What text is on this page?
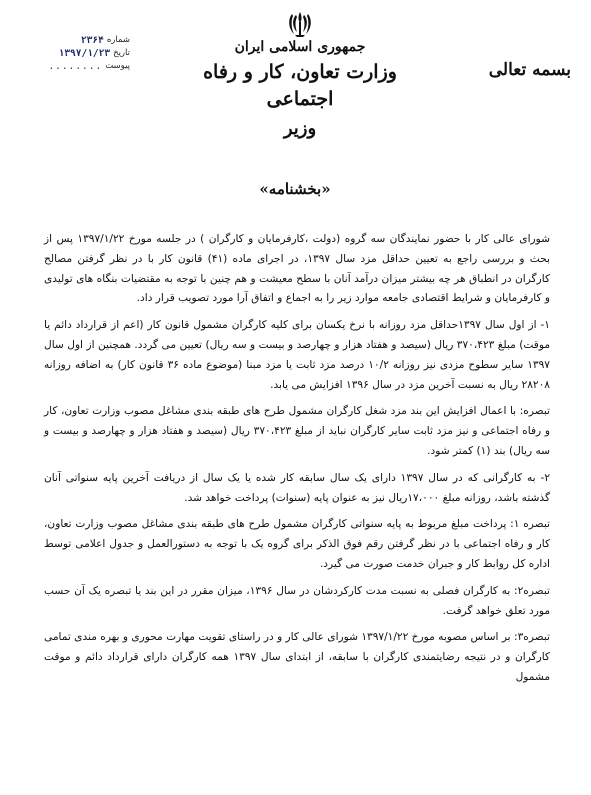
شماره
۲۳۶۴
تاریخ
۱۳۹۷/۱/۲۳
پیوست
........
جمهوری اسلامی ایران
وزارت تعاون، کار و رفاه اجتماعی
وزیر
بسمه تعالی
«بخشنامه»

شورای عالی کار با حضور نمایندگان سه گروه (دولت ،کارفرمایان و کارگران ) در جلسه مورخ ۱۳۹۷/۱/۲۲ پس از بحث و بررسی راجع به تعیین حداقل مزد سال ۱۳۹۷، در اجرای ماده (۴۱) قانون کار با در نظر گرفتن مصالح کارگران در انطباق هر چه بیشتر میزان درآمد آنان با سطح معیشت و هم چنین با توجه به مقتضیات بنگاه های تولیدی و کارفرمایان و شرایط اقتصادی جامعه موارد زیر را به اجماع و اتفاق آرا مورد تصویب قرار داد.

۱- از اول سال ۱۳۹۷حداقل مزد روزانه با نرخ یکسان برای کلیه کارگران مشمول قانون کار (اعم از قرارداد دائم یا موقت) مبلغ ۳۷۰،۴۲۳ ریال (سیصد و هفتاد هزار و چهارصد و بیست و سه ریال) تعیین می گردد. همچنین از اول سال ۱۳۹۷ سایر سطوح مزدی نیز روزانه ۱۰/۲ درصد مزد ثابت یا مزد مبنا (موضوع ماده ۳۶ قانون کار) به اضافه روزانه ۲۸۲۰۸ ریال به نسبت آخرین مزد در سال ۱۳۹۶ افزایش می یابد.

تبصره: با اعمال افزایش این بند مزد شغل کارگران مشمول طرح های طبقه بندی مشاغل مصوب وزارت تعاون، کار و رفاه اجتماعی و نیز مزد ثابت سایر کارگران نباید از مبلغ ۳۷۰،۴۲۳ ریال (سیصد و هفتاد هزار و چهارصد و بیست و سه ریال) بند (۱) کمتر شود.

۲- به کارگرانی که در سال ۱۳۹۷ دارای یک سال سابقه کار شده یا یک سال از دریافت آخرین پایه سنواتی آنان گذشته باشد، روزانه مبلغ ۱۷،۰۰۰ریال نیز به عنوان پایه (سنوات) پرداخت خواهد شد.

تبصره ۱: پرداخت مبلغ مربوط به پایه سنواتی کارگران مشمول طرح های طبقه بندی مشاغل مصوب وزارت تعاون، کار و رفاه اجتماعی با در نظر گرفتن رقم فوق الذکر برای گروه یک با توجه به دستورالعمل و جدول اعلامی توسط اداره کل روابط کار و جبران خدمت صورت می گیرد.

تبصره۲: به کارگران فصلی به نسبت مدت کارکردشان در سال ۱۳۹۶، میزان مقرر در این بند یا تبصره یک آن حسب مورد تعلق خواهد گرفت.

تبصره۳: بر اساس مصوبه مورخ ۱۳۹۷/۱/۲۲ شورای عالی کار و در راستای تقویت مهارت محوری و بهره مندی تمامی کارگران و در نتیجه رضایتمندی کارگران با سابقه، از ابتدای سال ۱۳۹۷ همه کارگران دارای قرارداد دائم و موقت مشمول
